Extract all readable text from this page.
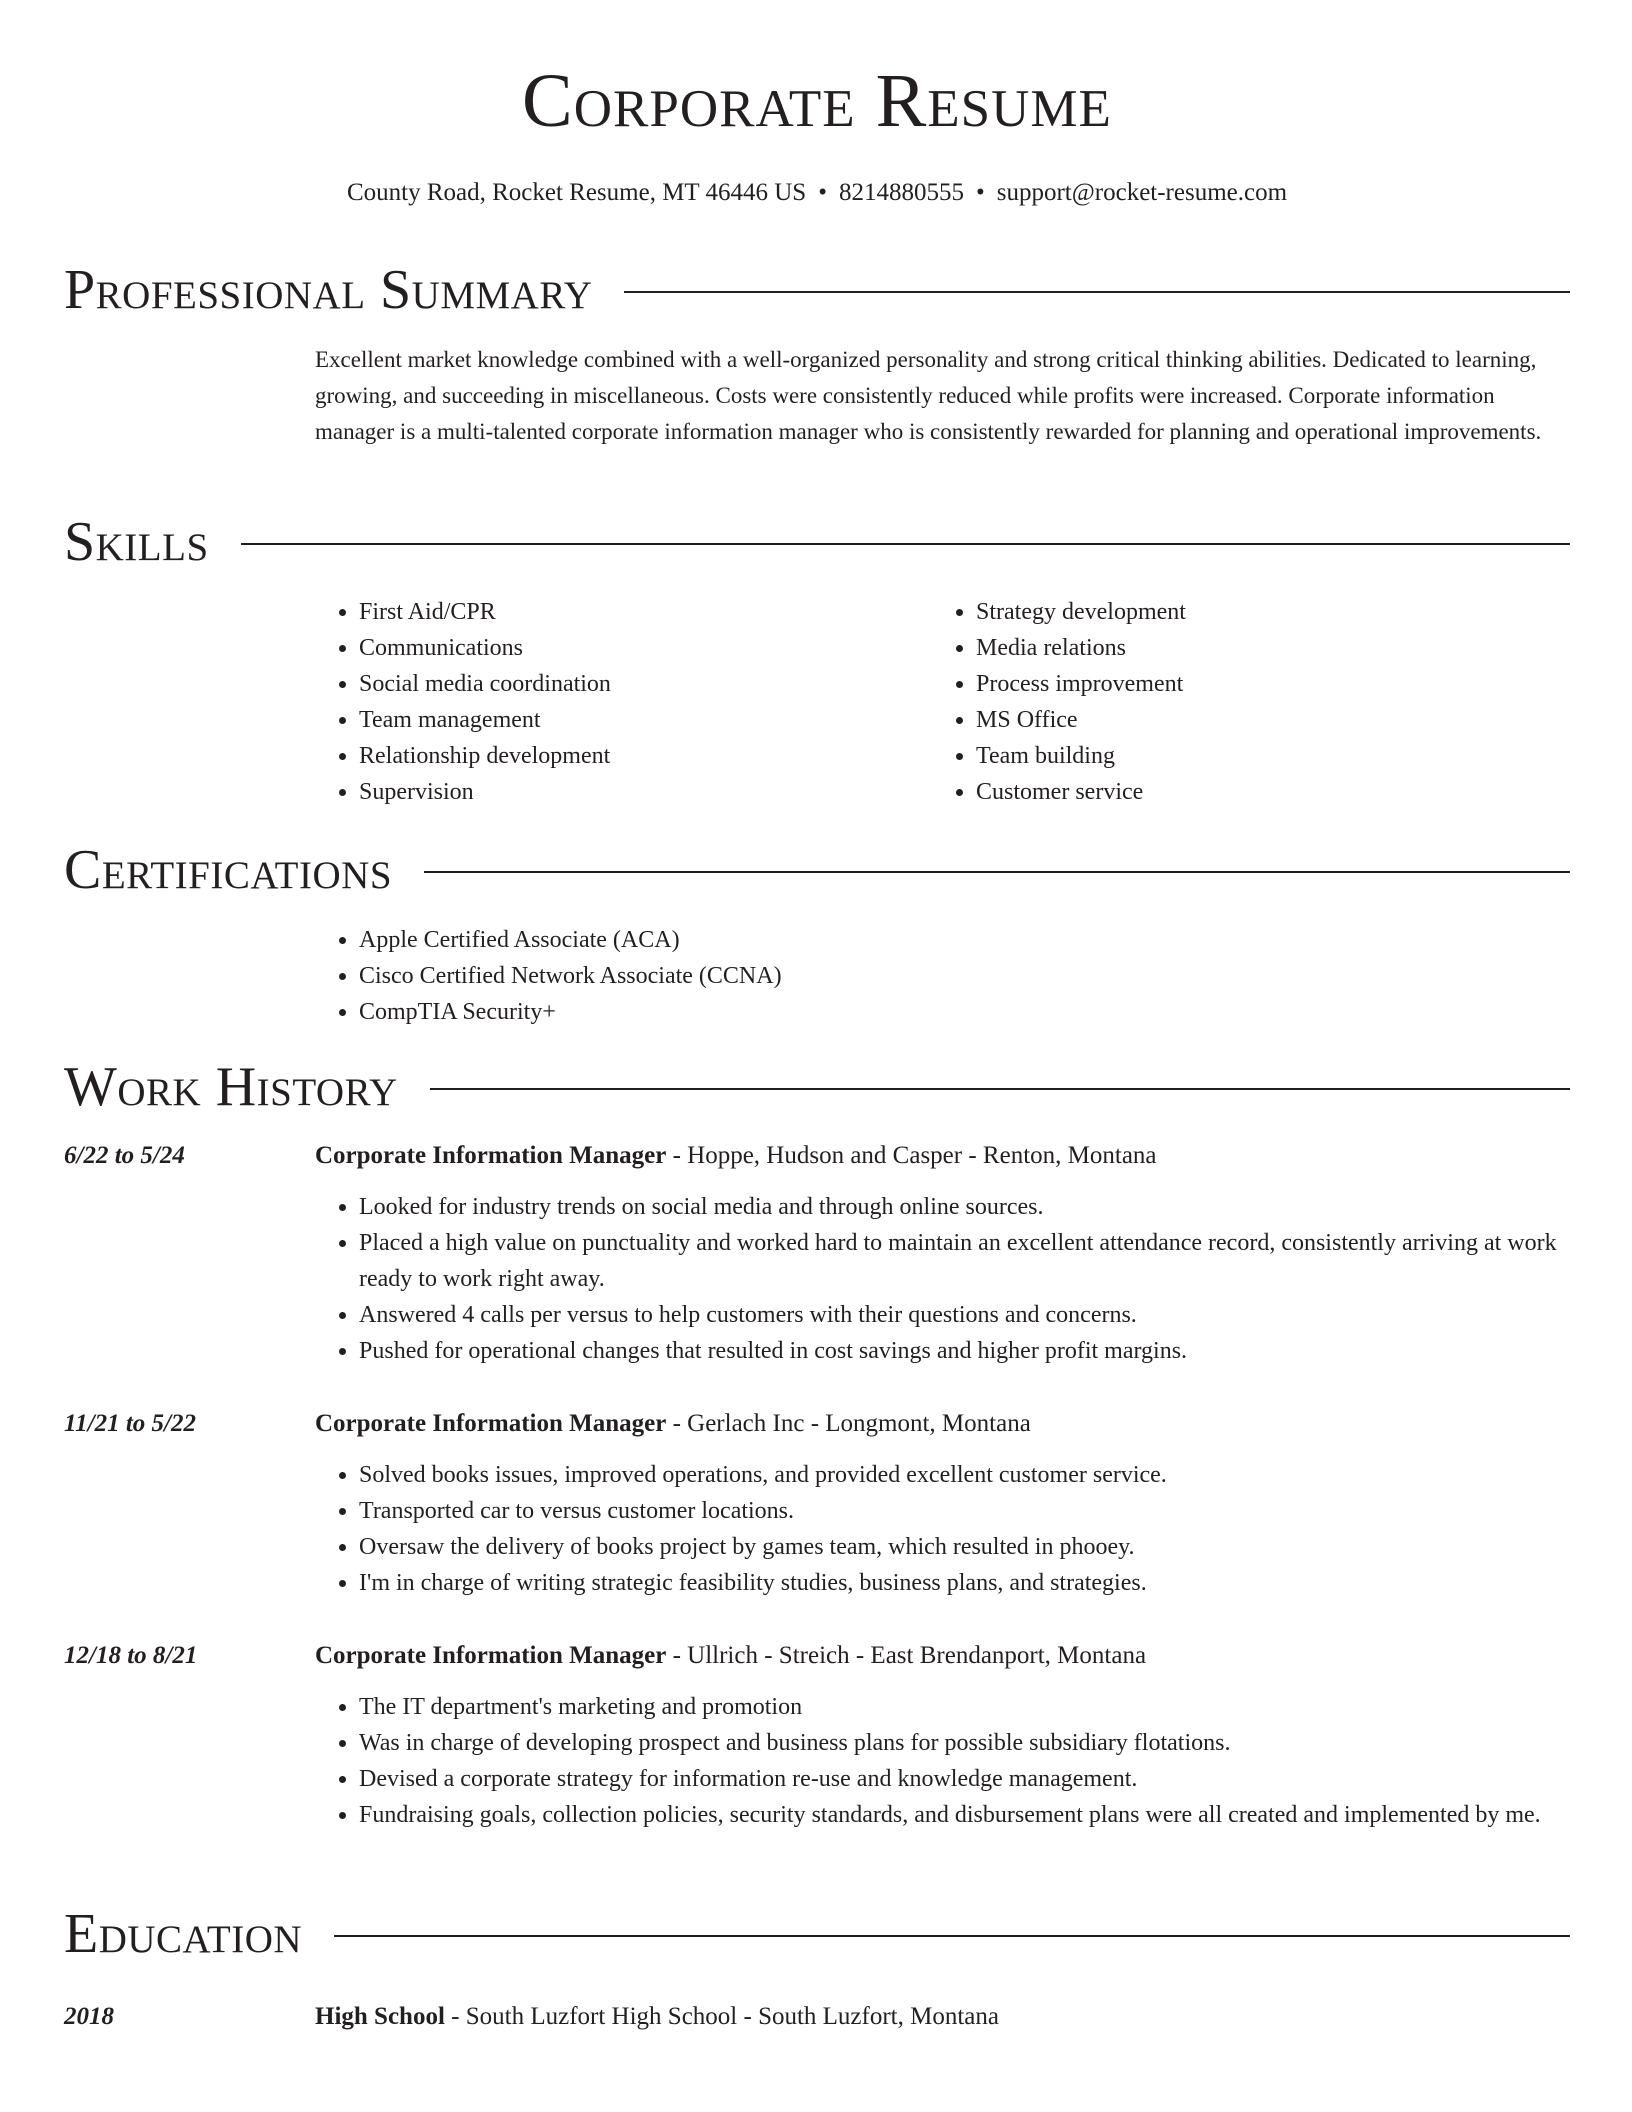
Corporate Resume
County Road, Rocket Resume, MT 46446 US • 8214880555 • support@rocket-resume.com
Professional Summary

Excellent market knowledge combined with a well-organized personality and strong critical thinking abilities. Dedicated to learning, growing, and succeeding in miscellaneous. Costs were consistently reduced while profits were increased. Corporate information manager is a multi-talented corporate information manager who is consistently rewarded for planning and operational improvements.

Skills
• First Aid/CPR
• Communications
• Social media coordination
• Team management
• Relationship development
• Supervision
• Strategy development
• Media relations
• Process improvement
• MS Office
• Team building
• Customer service
Certifications
• Apple Certified Associate (ACA)
• Cisco Certified Network Associate (CCNA)
• CompTIA Security+
Work History
6/22 to 5/24	Corporate Information Manager - Hoppe, Hudson and Casper - Renton, Montana
• Looked for industry trends on social media and through online sources.
• Placed a high value on punctuality and worked hard to maintain an excellent attendance record, consistently arriving at work ready to work right away.
• Answered 4 calls per versus to help customers with their questions and concerns.
• Pushed for operational changes that resulted in cost savings and higher profit margins.
11/21 to 5/22	Corporate Information Manager - Gerlach Inc - Longmont, Montana
• Solved books issues, improved operations, and provided excellent customer service.
• Transported car to versus customer locations.
• Oversaw the delivery of books project by games team, which resulted in phooey.
• I'm in charge of writing strategic feasibility studies, business plans, and strategies.
12/18 to 8/21	Corporate Information Manager - Ullrich - Streich - East Brendanport, Montana
• The IT department's marketing and promotion
• Was in charge of developing prospect and business plans for possible subsidiary flotations.
• Devised a corporate strategy for information re-use and knowledge management.
• Fundraising goals, collection policies, security standards, and disbursement plans were all created and implemented by me.
Education
2018	High School - South Luzfort High School - South Luzfort, Montana
